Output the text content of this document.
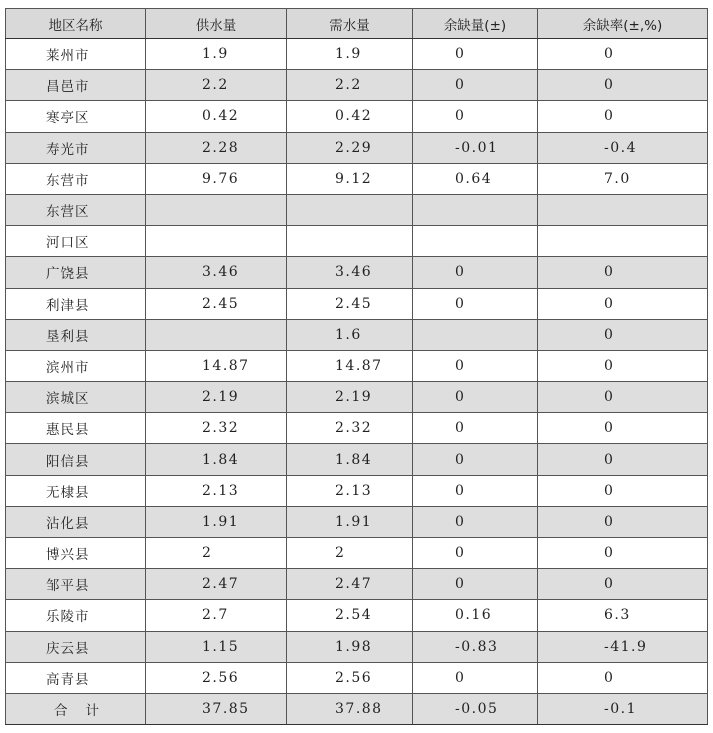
地区名称	供水量	需水量	余缺量(±)	余缺率(±,%)
莱州市	1.9	1.9	0	0
昌邑市	2.2	2.2	0	0
寒亭区	0.42	0.42	0	0
寿光市	2.28	2.29	-0.01	-0.4
东营市	9.76	9.12	0.64	7.0
东营区				
河口区				
广饶县	3.46	3.46	0	0
利津县	2.45	2.45	0	0
垦利县		1.6		0
滨州市	14.87	14.87	0	0
滨城区	2.19	2.19	0	0
惠民县	2.32	2.32	0	0
阳信县	1.84	1.84	0	0
无棣县	2.13	2.13	0	0
沾化县	1.91	1.91	0	0
博兴县	2	2	0	0
邹平县	2.47	2.47	0	0
乐陵市	2.7	2.54	0.16	6.3
庆云县	1.15	1.98	-0.83	-41.9
高青县	2.56	2.56	0	0
合计	37.85	37.88	-0.05	-0.1
